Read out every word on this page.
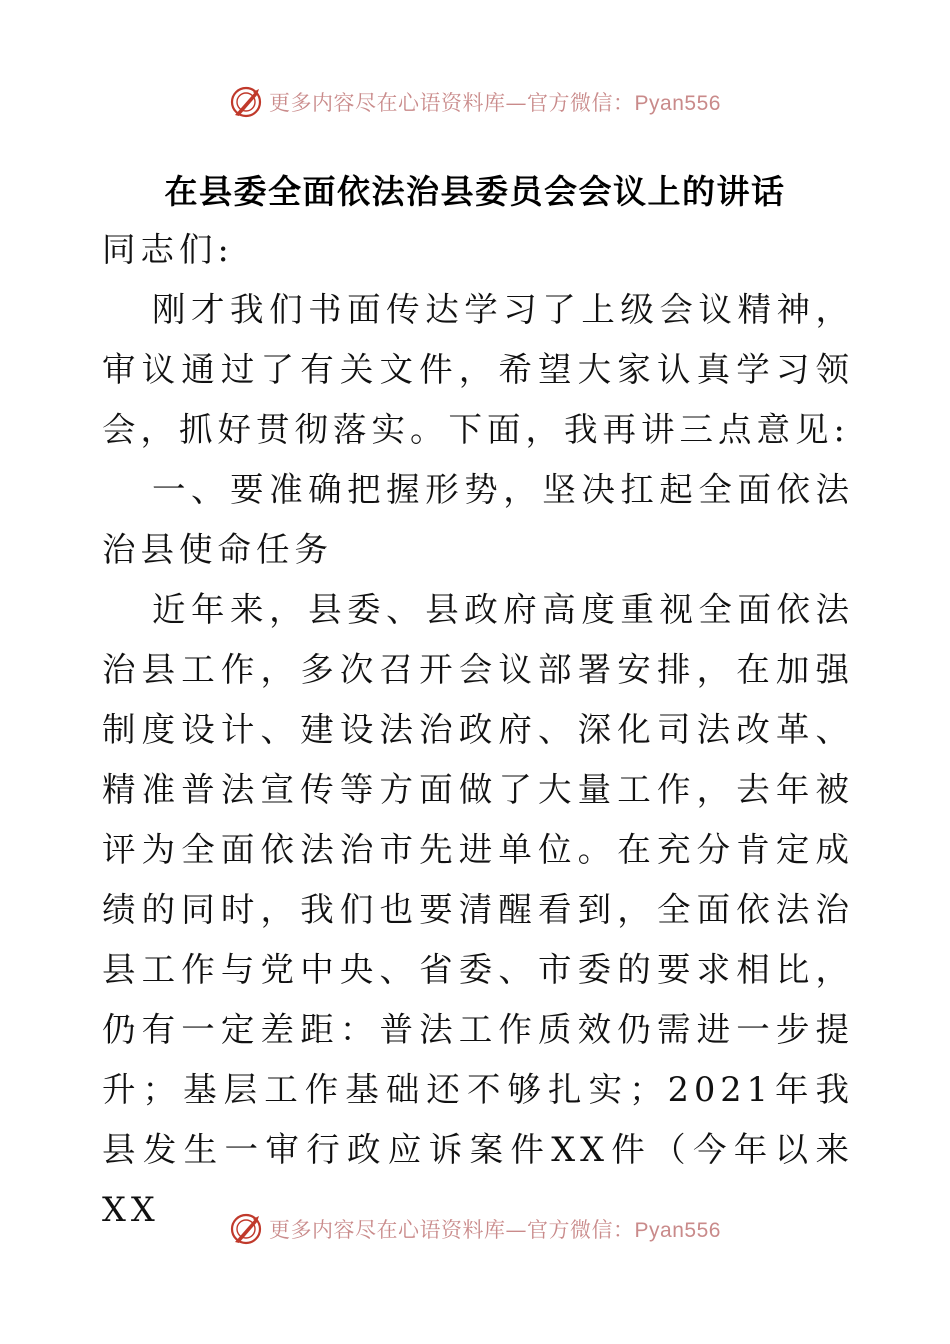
更多内容尽在心语资料库—官方微信：Pyan556
在县委全面依法治县委员会会议上的讲话

同志们:

刚才我们书面传达学习了上级会议精神，审议通过了有关文件，希望大家认真学习领会，抓好贯彻落实。下面，我再讲三点意见:

一、要准确把握形势，坚决扛起全面依法治县使命任务

近年来，县委、县政府高度重视全面依法治县工作，多次召开会议部署安排，在加强制度设计、建设法治政府、深化司法改革、精准普法宣传等方面做了大量工作，去年被评为全面依法治市先进单位。在充分肯定成绩的同时，我们也要清醒看到，全面依法治县工作与党中央、省委、市委的要求相比，仍有一定差距：普法工作质效仍需进一步提升；基层工作基础还不够扎实；2021年我县发生一审行政应诉案件XX件（今年以来XX

更多内容尽在心语资料库—官方微信：Pyan556
